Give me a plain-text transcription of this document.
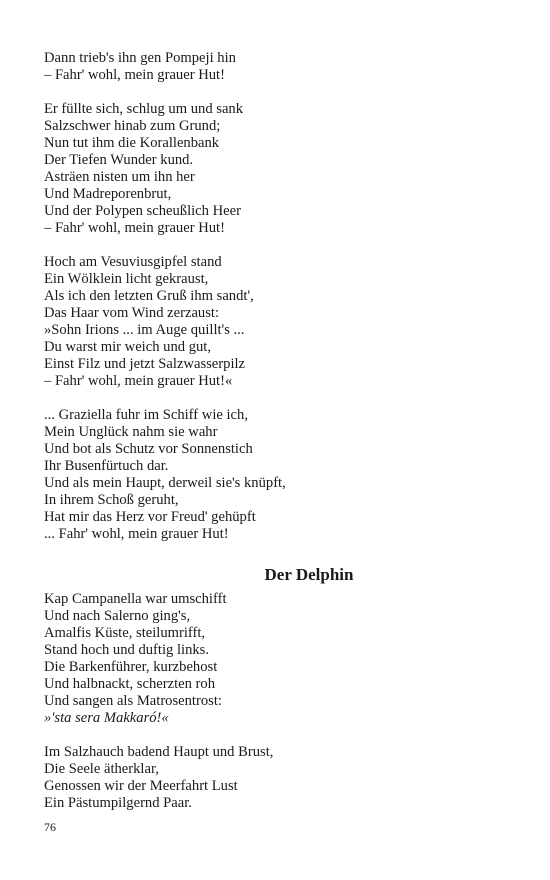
Dann trieb's ihn gen Pompeji hin
– Fahr' wohl, mein grauer Hut!
Er füllte sich, schlug um und sank
Salzschwer hinab zum Grund;
Nun tut ihm die Korallenbank
Der Tiefen Wunder kund.
Asträen nisten um ihn her
Und Madreporenbrut,
Und der Polypen scheußlich Heer
– Fahr' wohl, mein grauer Hut!
Hoch am Vesuviusgipfel stand
Ein Wölklein licht gekraust,
Als ich den letzten Gruß ihm sandt',
Das Haar vom Wind zerzaust:
»Sohn Irions ... im Auge quillt's ...
Du warst mir weich und gut,
Einst Filz und jetzt Salzwasserpilz
– Fahr' wohl, mein grauer Hut!«
... Graziella fuhr im Schiff wie ich,
Mein Unglück nahm sie wahr
Und bot als Schutz vor Sonnenstich
Ihr Busenfürtuch dar.
Und als mein Haupt, derweil sie's knüpft,
In ihrem Schoß geruht,
Hat mir das Herz vor Freud' gehüpft
... Fahr' wohl, mein grauer Hut!
Der Delphin
Kap Campanella war umschifft
Und nach Salerno ging's,
Amalfis Küste, steilumrifft,
Stand hoch und duftig links.
Die Barkenführer, kurzbehost
Und halbnackt, scherzten roh
Und sangen als Matrosentrost:
»'sta sera Makkaró!«
Im Salzhauch badend Haupt und Brust,
Die Seele ätherklar,
Genossen wir der Meerfahrt Lust
Ein Pästumpilgernd Paar.
76
